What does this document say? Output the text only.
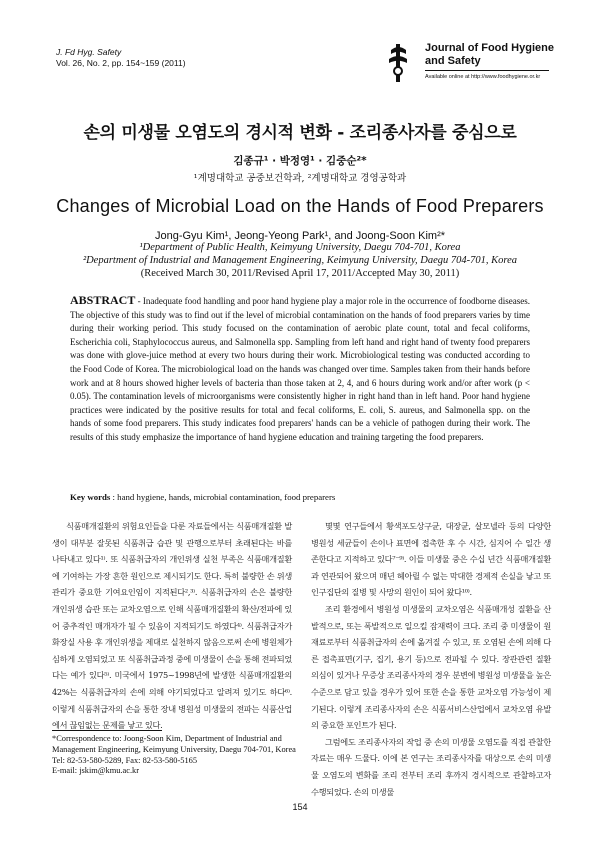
J. Fd Hyg. Safety
Vol. 26, No. 2, pp. 154~159 (2011)
Journal of Food Hygiene
and Safety
Available online at http://www.foodhygiene.or.kr
손의 미생물 오염도의 경시적 변화 - 조리종사자를 중심으로
김종규¹ · 박정영¹ · 김중순²*
¹계명대학교 공중보건학과, ²계명대학교 경영공학과
Changes of Microbial Load on the Hands of Food Preparers
Jong-Gyu Kim¹, Jeong-Yeong Park¹, and Joong-Soon Kim²*
¹Department of Public Health, Keimyung University, Daegu 704-701, Korea
²Department of Industrial and Management Engineering, Keimyung University, Daegu 704-701, Korea
(Received March 30, 2011/Revised April 17, 2011/Accepted May 30, 2011)
ABSTRACT - Inadequate food handling and poor hand hygiene play a major role in the occurrence of foodborne diseases. The objective of this study was to find out if the level of microbial contamination on the hands of food preparers varies by time during their working period. This study focused on the contamination of aerobic plate count, total and fecal coliforms, Escherichia coli, Staphylococcus aureus, and Salmonella spp. Sampling from left hand and right hand of twenty food preparers was done with glove-juice method at every two hours during their work. Microbiological testing was conducted according to the Food Code of Korea. The microbiological load on the hands was changed over time. Samples taken from their hands before work and at 8 hours showed higher levels of bacteria than those taken at 2, 4, and 6 hours during work and/or after work (p < 0.05). The contamination levels of microorganisms were consistently higher in right hand than in left hand. Poor hand hygiene practices were indicated by the positive results for total and fecal coliforms, E. coli, S. aureus, and Salmonella spp. on the hands of some food preparers. This study indicates food preparers' hands can be a vehicle of pathogen during their work. The results of this study emphasize the importance of hand hygiene education and training targeting the food preparers.
Key words : hand hygiene, hands, microbial contamination, food preparers

식품매개질환의 위험요인들을 다룬 자료들에서는 식품매개질환 발생이 대부분 잘못된 식품취급 습관 및 관행으로부터 초래된다는 바를 나타내고 있다¹⁾. 또 식품취급자의 개인위생 실천 부족은 식품매개질환에 기여하는 가장 흔한 원인으로 제시되기도 한다. 특히 불량한 손 위생관리가 중요한 기여요인임이 지적된다²,³⁾. 식품취급자의 손은 불량한 개인위생 습관 또는 교차오염으로 인해 식품매개질환의 확산/전파에 있어 중추적인 매개자가 될 수 있음이 지적되기도 하였다⁴⁾. 식품취급자가 화장실 사용 후 개인위생을 제대로 실천하지 않음으로써 손에 병원체가 심하게 오염되었고 또 식품취급과정 중에 미생물이 손을 통해 전파되었다는 예가 있다⁵⁾. 미국에서 1975~1998년에 발생한 식품매개질환의 42%는 식품취급자의 손에 의해 야기되었다고 알려져 있기도 하다⁶⁾. 이렇게 식품취급자의 손을 통한 장내 병원성 미생물의 전파는 식품산업에서 끊임없는 문제를 낳고 있다.

몇몇 연구들에서 황색포도상구균, 대장균, 살모넬라 등의 다양한 병원성 세균들이 손이나 표면에 접촉한 후 수 시간, 심지어 수 일간 생존한다고 지적하고 있다⁷⁻⁹⁾. 이들 미생물 중은 수십 년간 식품매개질환과 연관되어 왔으며 매년 헤아릴 수 없는 막대한 경제적 손실을 낳고 또 인구집단의 질병 및 사망의 원인이 되어 왔다¹⁰⁾.

조리 환경에서 병원성 미생물의 교차오염은 식품매개성 질환을 산발적으로, 또는 폭발적으로 일으킬 잠재력이 크다. 조리 중 미생물이 원재료로부터 식품취급자의 손에 옮겨질 수 있고, 또 오염된 손에 의해 다른 접촉표면(기구, 집기, 용기 등)으로 전파될 수 있다. 장관관련 질환 의심이 있거나 무증상 조리종사자의 경우 분변에 병원성 미생물을 높은 수준으로 담고 있을 경우가 있어 또한 손을 통한 교차오염 가능성이 제기된다. 이렇게 조리종사자의 손은 식품서비스산업에서 교차오염 유발의 중요한 포인트가 된다.

그럼에도 조리종사자의 작업 중 손의 미생물 오염도를 직접 관찰한 자료는 매우 드물다. 이에 본 연구는 조리종사자를 대상으로 손의 미생물 오염도의 변화를 조리 전부터 조리 후까지 경시적으로 관찰하고자 수행되었다. 손의 미생물

*Correspondence to: Joong-Soon Kim, Department of Industrial and Management Engineering, Keimyung University, Daegu 704-701, Korea
Tel: 82-53-580-5289, Fax: 82-53-580-5165
E-mail: jskim@kmu.ac.kr
154
